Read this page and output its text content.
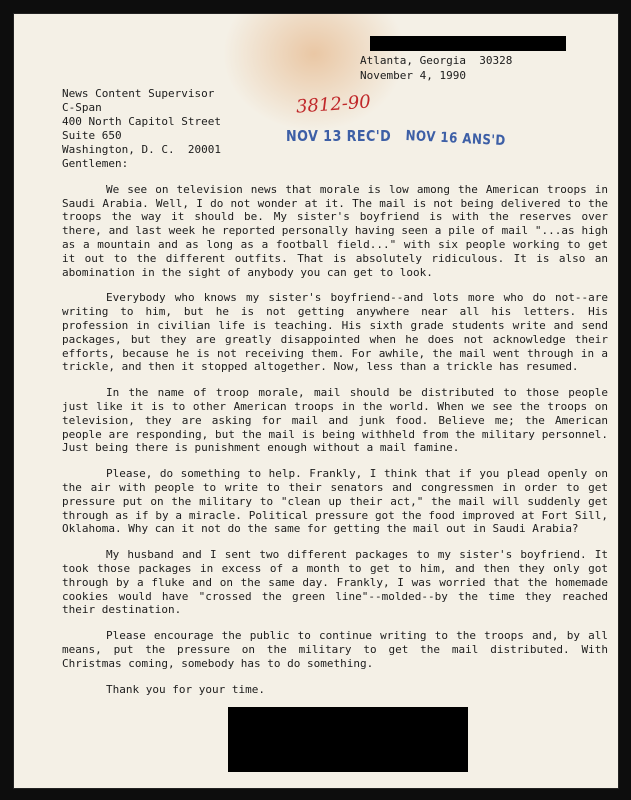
Atlanta, Georgia  30328
November 4, 1990
News Content Supervisor
C-Span
400 North Capitol Street
Suite 650
Washington, D. C.  20001
3812-90
NOV 13 REC'D NOV 16 ANS'D
Gentlemen:

We see on television news that morale is low among the American troops in Saudi Arabia. Well, I do not wonder at it. The mail is not being delivered to the troops the way it should be. My sister's boyfriend is with the reserves over there, and last week he reported personally having seen a pile of mail "...as high as a mountain and as long as a football field..." with six people working to get it out to the different outfits. That is absolutely ridiculous. It is also an abomination in the sight of anybody you can get to look.

Everybody who knows my sister's boyfriend--and lots more who do not--are writing to him, but he is not getting anywhere near all his letters. His profession in civilian life is teaching. His sixth grade students write and send packages, but they are greatly disappointed when he does not acknowledge their efforts, because he is not receiving them. For awhile, the mail went through in a trickle, and then it stopped altogether. Now, less than a trickle has resumed.

In the name of troop morale, mail should be distributed to those people just like it is to other American troops in the world. When we see the troops on television, they are asking for mail and junk food. Believe me; the American people are responding, but the mail is being withheld from the military personnel. Just being there is punishment enough without a mail famine.

Please, do something to help. Frankly, I think that if you plead openly on the air with people to write to their senators and congressmen in order to get pressure put on the military to "clean up their act," the mail will suddenly get through as if by a miracle. Political pressure got the food improved at Fort Sill, Oklahoma. Why can it not do the same for getting the mail out in Saudi Arabia?

My husband and I sent two different packages to my sister's boyfriend. It took those packages in excess of a month to get to him, and then they only got through by a fluke and on the same day. Frankly, I was worried that the homemade cookies would have "crossed the green line"--molded--by the time they reached their destination.

Please encourage the public to continue writing to the troops and, by all means, put the pressure on the military to get the mail distributed. With Christmas coming, somebody has to do something.

Thank you for your time.
